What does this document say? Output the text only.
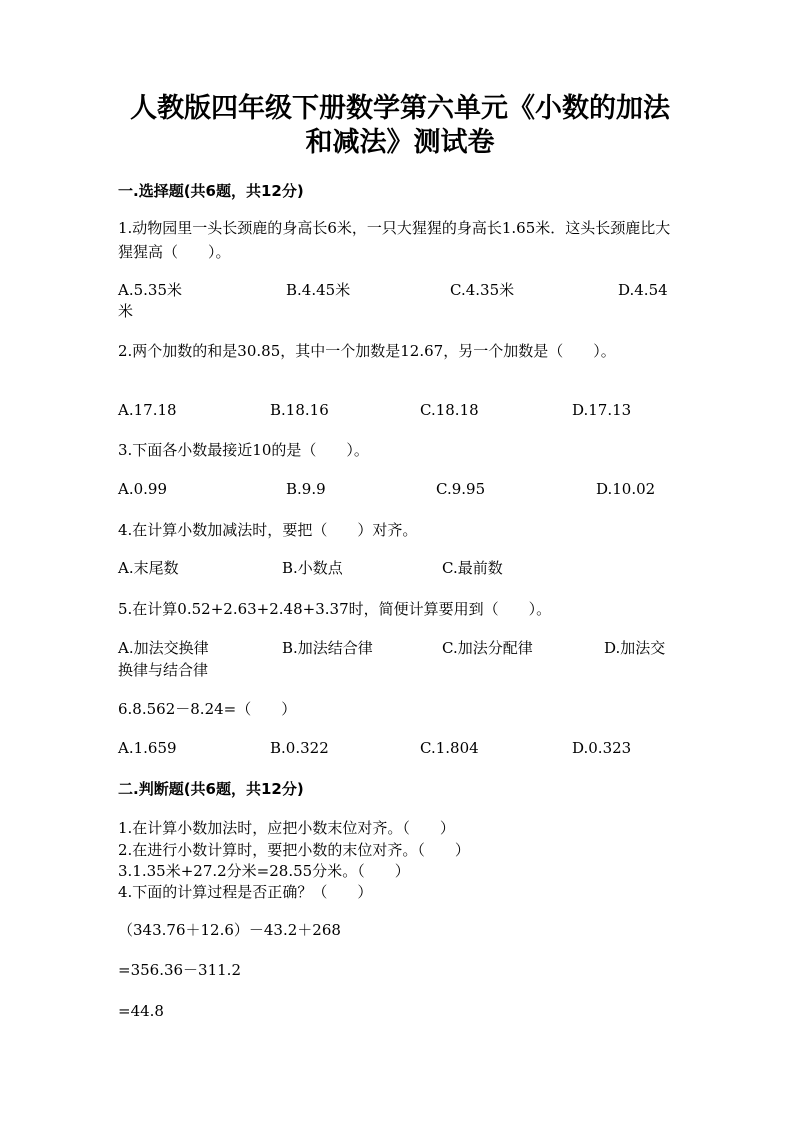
人教版四年级下册数学第六单元《小数的加法和减法》测试卷
一.选择题(共6题，共12分)
1.动物园里一头长颈鹿的身高长6米，一只大猩猩的身高长1.65米．这头长颈鹿比大猩猩高（　　）。
A.5.35米	B.4.45米	C.4.35米	D.4.54
米
2.两个加数的和是30.85，其中一个加数是12.67，另一个加数是（　　）。
A.17.18	B.18.16	C.18.18	D.17.13
3.下面各小数最接近10的是（　　）。
A.0.99	B.9.9	C.9.95	D.10.02
4.在计算小数加减法时，要把（　　）对齐。
A.末尾数	B.小数点	C.最前数
5.在计算0.52+2.63+2.48+3.37时，简便计算要用到（　　）。
A.加法交换律	B.加法结合律	C.加法分配律	D.加法交
换律与结合律
6.8.562－8.24=（　　）
A.1.659	B.0.322	C.1.804	D.0.323
二.判断题(共6题，共12分)
1.在计算小数加法时，应把小数末位对齐。（　　）
2.在进行小数计算时，要把小数的末位对齐。（　　）
3.1.35米+27.2分米=28.55分米。（　　）
4.下面的计算过程是否正确？（　　）
（343.76＋12.6）－43.2＋268
=356.36－311.2
=44.8
